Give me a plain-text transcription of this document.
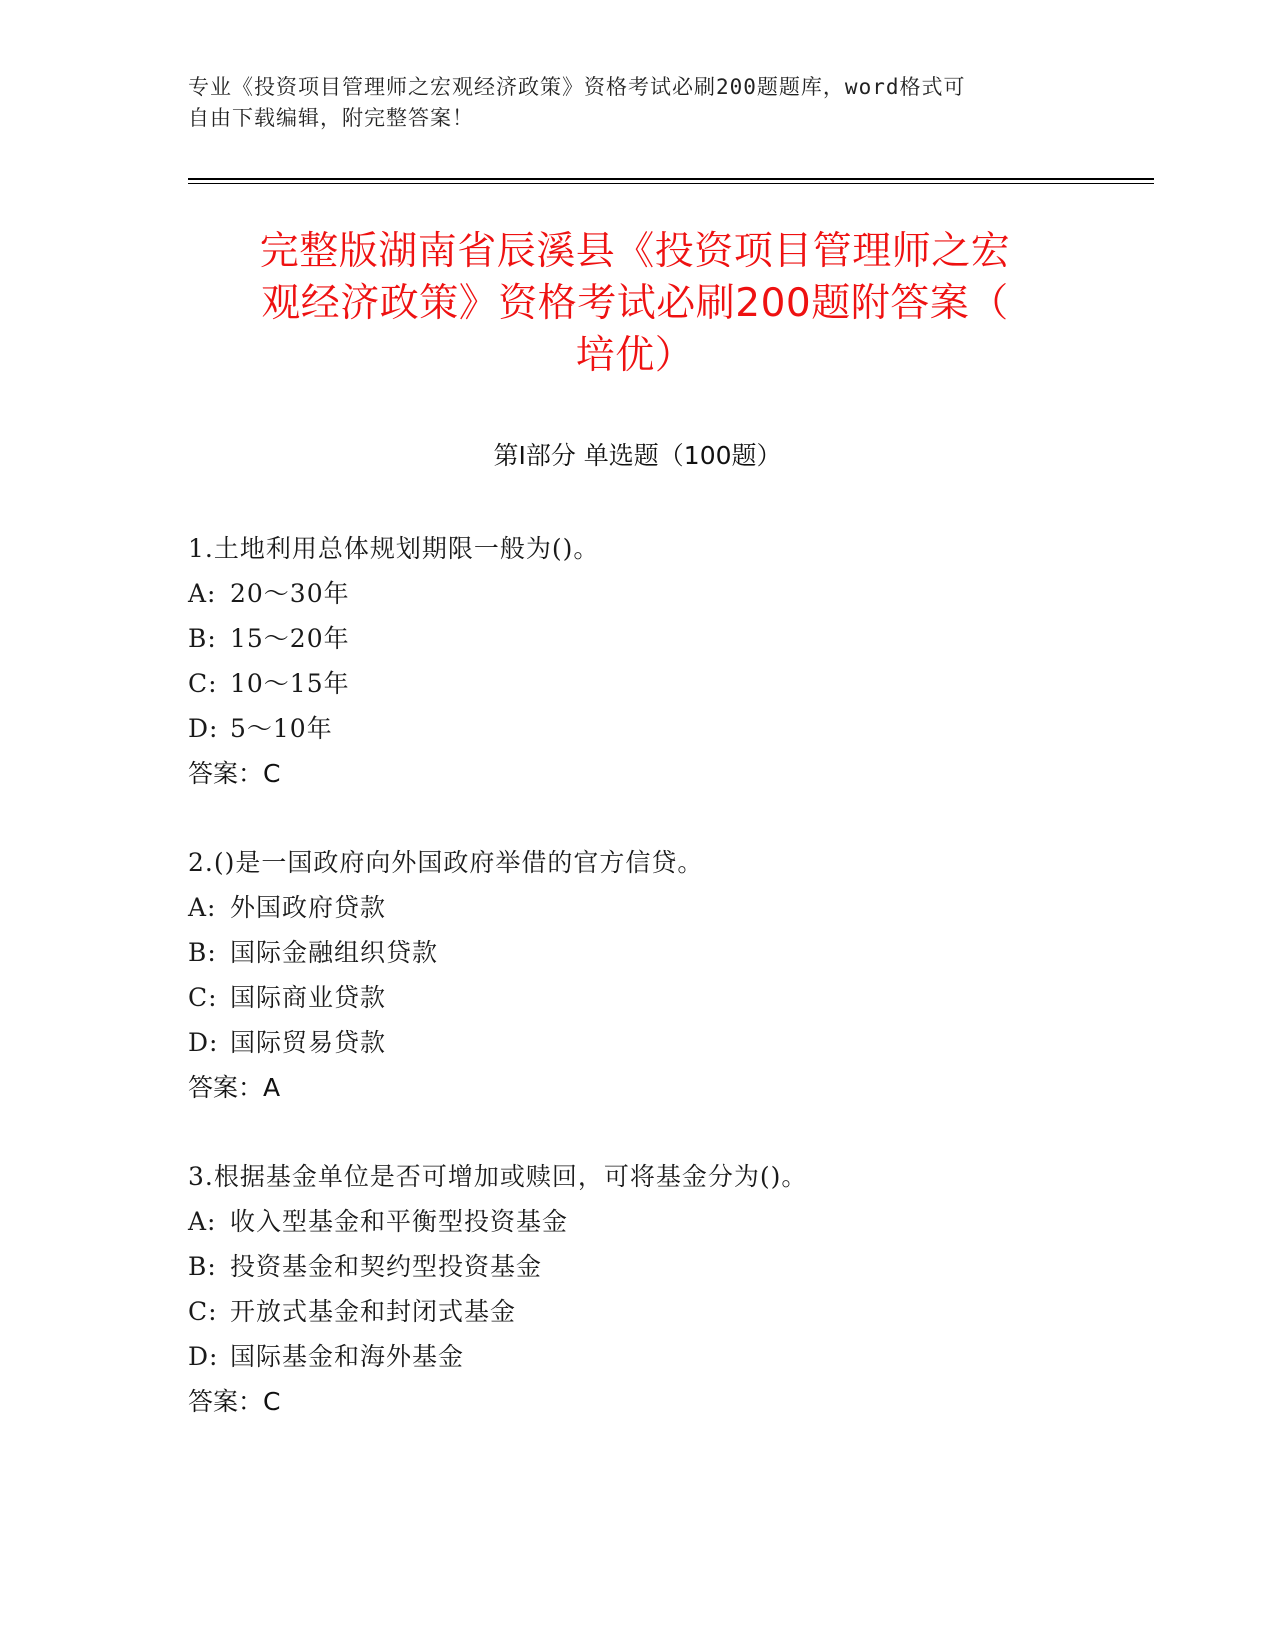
专业《投资项目管理师之宏观经济政策》资格考试必刷200题题库，word格式可
自由下载编辑，附完整答案！
完整版湖南省辰溪县《投资项目管理师之宏
观经济政策》资格考试必刷200题附答案（
培优）
第Ⅰ部分 单选题（100题）
1.土地利用总体规划期限一般为()。
A: 20～30年
B: 15～20年
C: 10～15年
D: 5～10年
答案：C
2.()是一国政府向外国政府举借的官方信贷。
A: 外国政府贷款
B: 国际金融组织贷款
C: 国际商业贷款
D: 国际贸易贷款
答案：A
3.根据基金单位是否可增加或赎回，可将基金分为()。
A: 收入型基金和平衡型投资基金
B: 投资基金和契约型投资基金
C: 开放式基金和封闭式基金
D: 国际基金和海外基金
答案：C
